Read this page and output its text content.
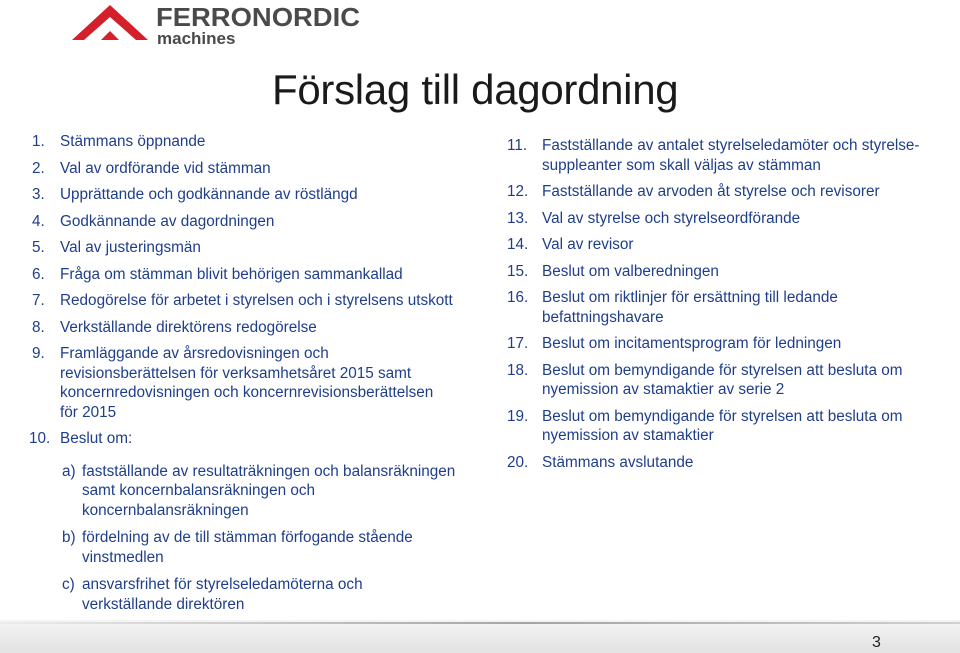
FERRONORDIC
machines
Förslag till dagordning
1. Stämmans öppnande
2. Val av ordförande vid stämman
3. Upprättande och godkännande av röstlängd
4. Godkännande av dagordningen
5. Val av justeringsmän
6. Fråga om stämman blivit behörigen sammankallad
7. Redogörelse för arbetet i styrelsen och i styrelsens utskott
8. Verkställande direktörens redogörelse
9. Framläggande av årsredovisningen och revisionsberättelsen för verksamhetsåret 2015 samt koncernredovisningen och koncernrevisionsberättelsen för 2015
10. Beslut om:
a) fastställande av resultaträkningen och balansräkningen samt koncernbalansräkningen och koncernbalansräkningen
b) fördelning av de till stämman förfogande stående vinstmedlen
c) ansvarsfrihet för styrelseledamöterna och verkställande direktören
11. Fastställande av antalet styrelseledamöter och styrelse-suppleanter som skall väljas av stämman
12. Fastställande av arvoden åt styrelse och revisorer
13. Val av styrelse och styrelseordförande
14. Val av revisor
15. Beslut om valberedningen
16. Beslut om riktlinjer för ersättning till ledande befattningshavare
17. Beslut om incitamentsprogram för ledningen
18. Beslut om bemyndigande för styrelsen att besluta om nyemission av stamaktier av serie 2
19. Beslut om bemyndigande för styrelsen att besluta om nyemission av stamaktier
20. Stämmans avslutande
3
